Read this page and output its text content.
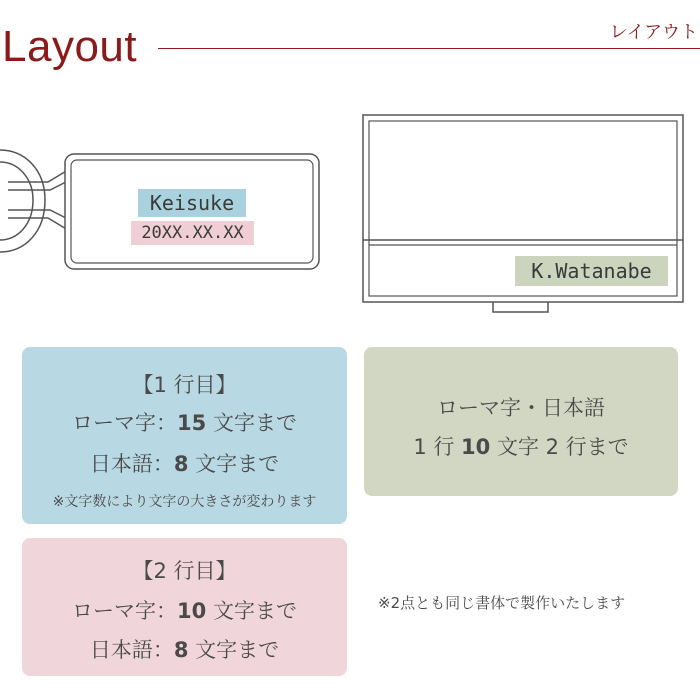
Layout	レイアウト
Keisuke
20XX.XX.XX
K.Watanabe
【1 行目】
ローマ字：15 文字まで
日本語：8 文字まで
※文字数により文字の大きさが変わります
【2 行目】
ローマ字：10 文字まで
日本語：8 文字まで
ローマ字・日本語
1 行 10 文字 2 行まで
※2点とも同じ書体で製作いたします
